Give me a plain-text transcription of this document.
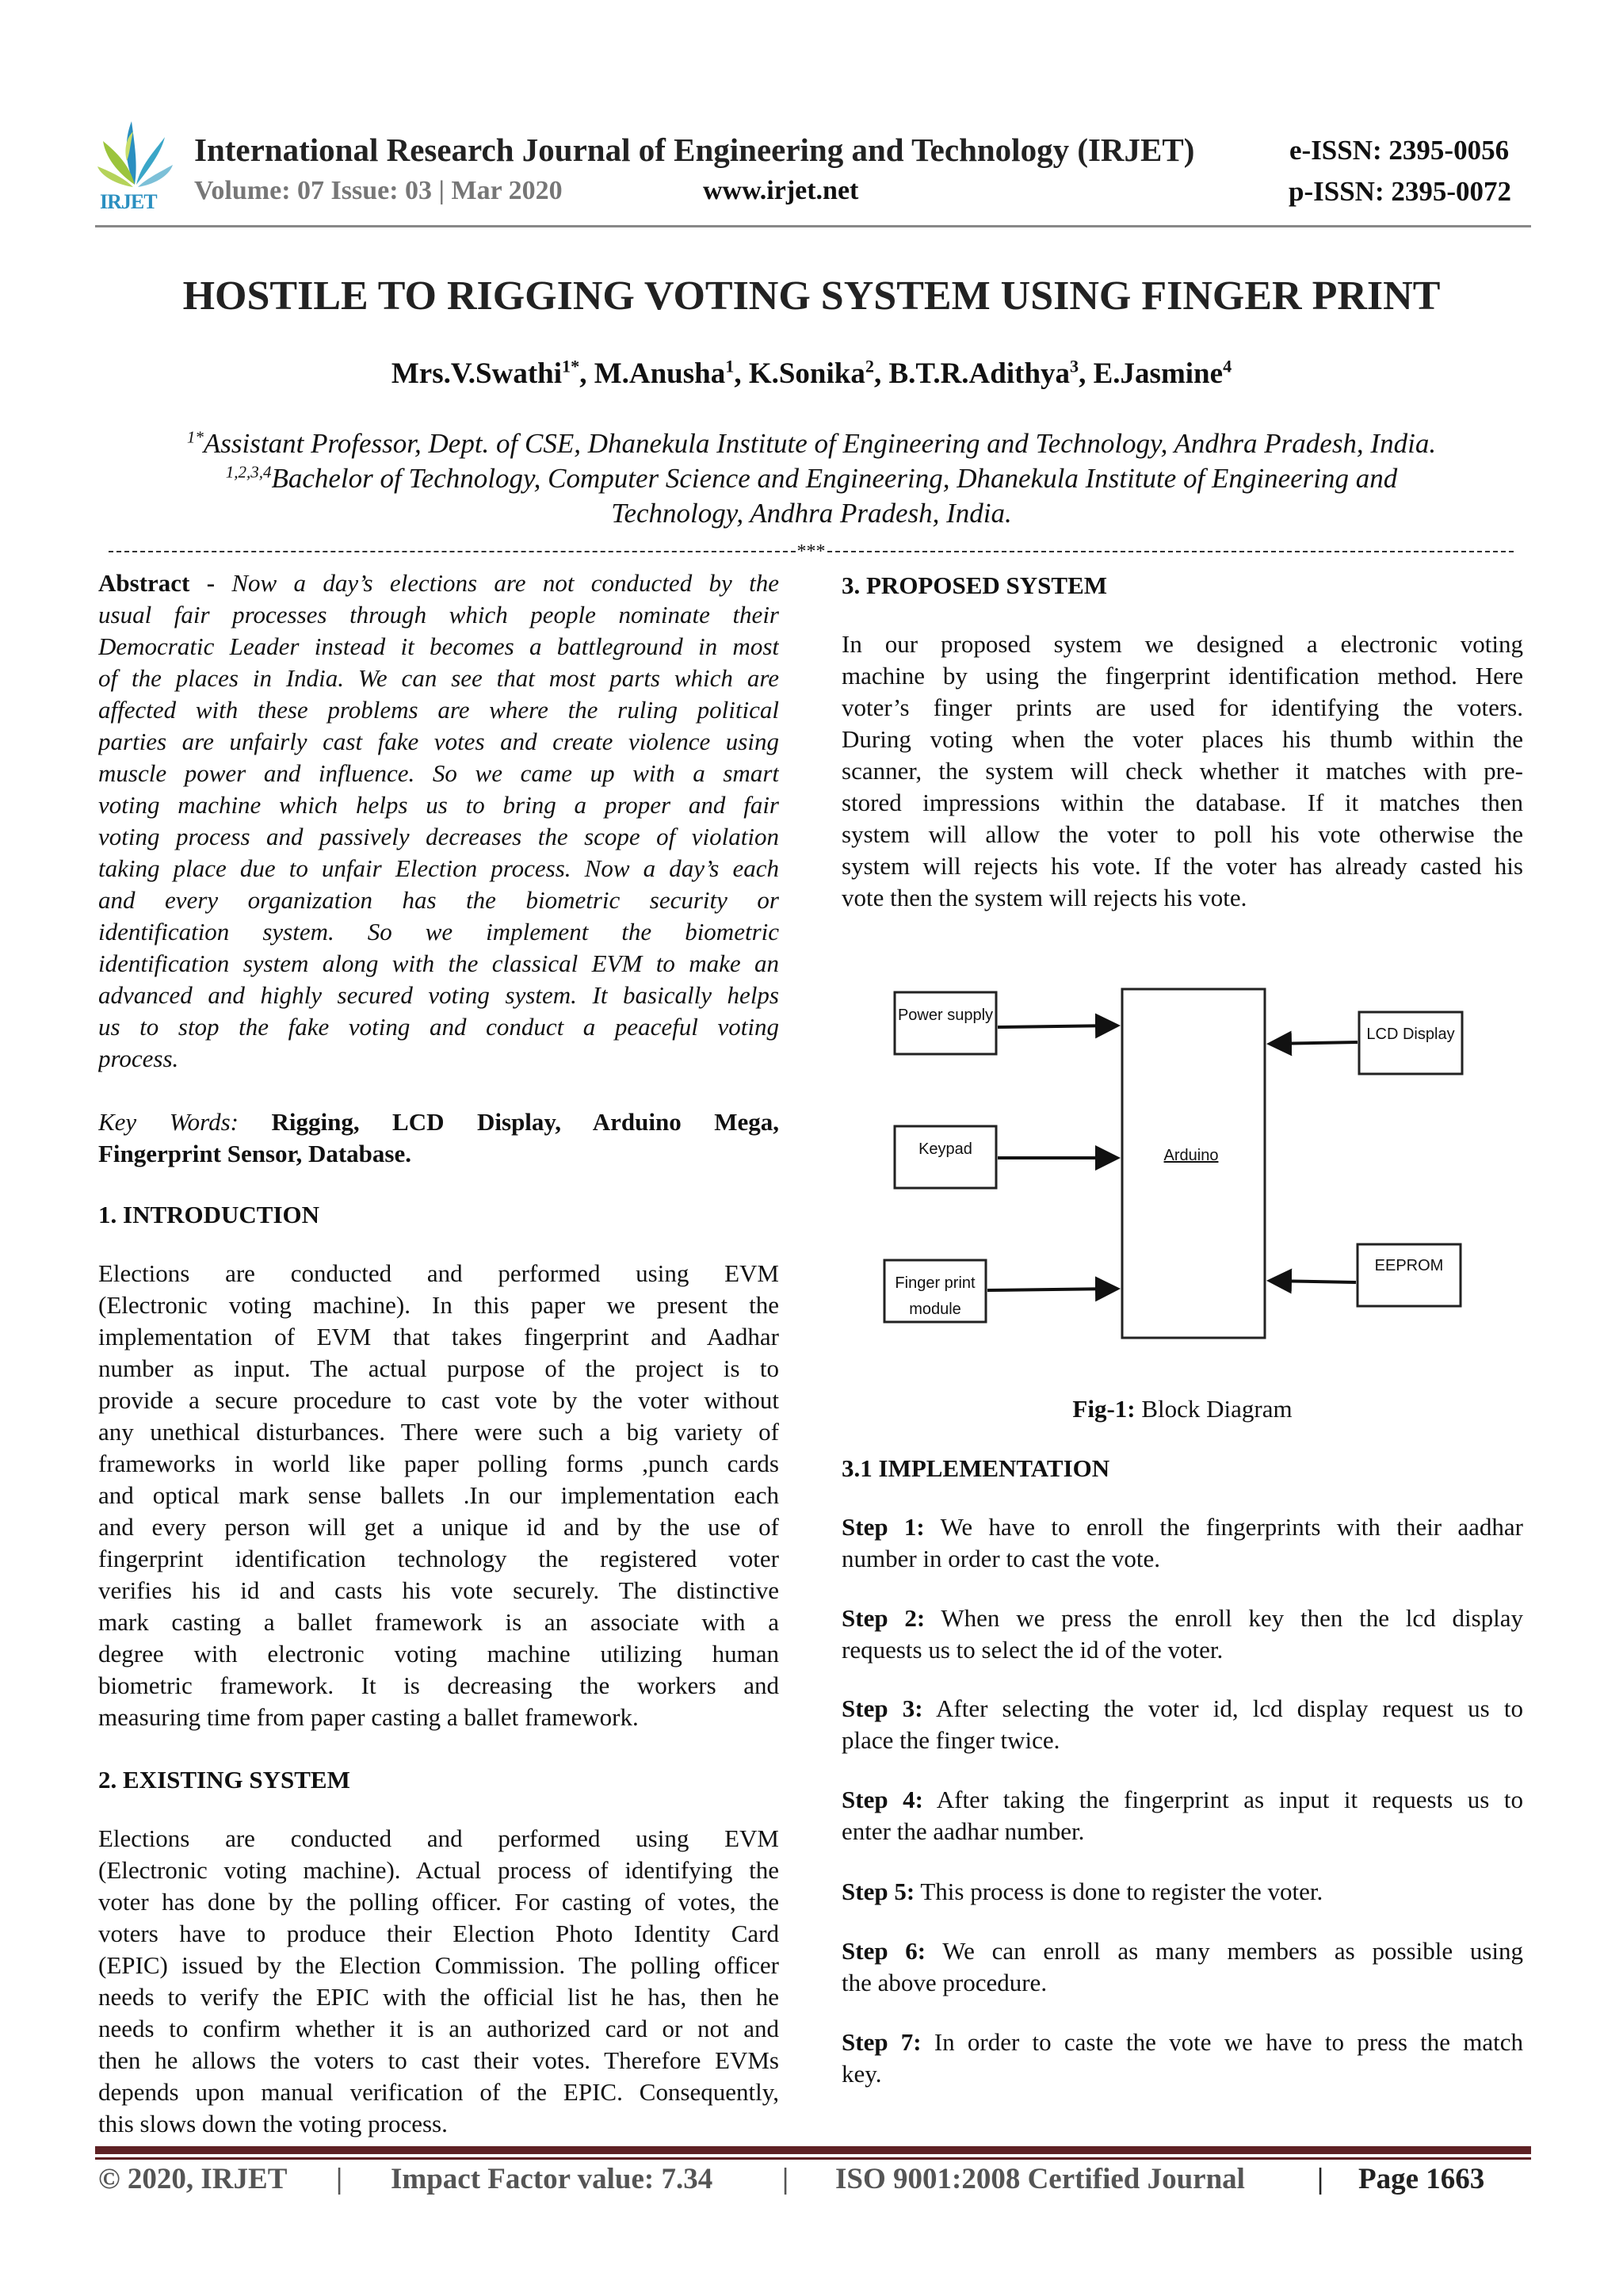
IRJET
International Research Journal of Engineering and Technology (IRJET)	e-ISSN: 2395-0056
Volume: 07 Issue: 03 | Mar 2020	www.irjet.net	p-ISSN: 2395-0072
HOSTILE TO RIGGING VOTING SYSTEM USING FINGER PRINT
Mrs.V.Swathi$^{1*}$, M.Anusha$^1$, K.Sonika$^2$, B.T.R.Adithya$^3$, E.Jasmine$^4$
$^{1*}$Assistant Professor, Dept. of CSE, Dhanekula Institute of Engineering and Technology, Andhra Pradesh, India.
$^{1,2,3,4}$Bachelor of Technology, Computer Science and Engineering, Dhanekula Institute of Engineering and
Technology, Andhra Pradesh, India.
***
Abstract - Now a day’s elections are not conducted by the
usual fair processes through which people nominate their
Democratic Leader instead it becomes a battleground in most
of the places in India. We can see that most parts which are
affected with these problems are where the ruling political
parties are unfairly cast fake votes and create violence using
muscle power and influence. So we came up with a smart
voting machine which helps us to bring a proper and fair
voting process and passively decreases the scope of violation
taking place due to unfair Election process. Now a day’s each
and every organization has the biometric security or
identification system. So we implement the biometric
identification system along with the classical EVM to make an
advanced and highly secured voting system. It basically helps
us to stop the fake voting and conduct a peaceful voting
process.
Key Words: Rigging, LCD Display, Arduino Mega,
Fingerprint Sensor, Database.
1. INTRODUCTION
Elections are conducted and performed using EVM
(Electronic voting machine). In this paper we present the
implementation of EVM that takes fingerprint and Aadhar
number as input. The actual purpose of the project is to
provide a secure procedure to cast vote by the voter without
any unethical disturbances. There were such a big variety of
frameworks in world like paper polling forms ,punch cards
and optical mark sense ballets .In our implementation each
and every person will get a unique id and by the use of
fingerprint identification technology the registered voter
verifies his id and casts his vote securely. The distinctive
mark casting a ballet framework is an associate with a
degree with electronic voting machine utilizing human
biometric framework. It is decreasing the workers and
measuring time from paper casting a ballet framework.
2. EXISTING SYSTEM
Elections are conducted and performed using EVM
(Electronic voting machine). Actual process of identifying the
voter has done by the polling officer. For casting of votes, the
voters have to produce their Election Photo Identity Card
(EPIC) issued by the Election Commission. The polling officer
needs to verify the EPIC with the official list he has, then he
needs to confirm whether it is an authorized card or not and
then he allows the voters to cast their votes. Therefore EVMs
depends upon manual verification of the EPIC. Consequently,
this slows down the voting process.
3. PROPOSED SYSTEM
In our proposed system we designed a electronic voting
machine by using the fingerprint identification method. Here
voter’s finger prints are used for identifying the voters.
During voting when the voter places his thumb within the
scanner, the system will check whether it matches with pre-
stored impressions within the database. If it matches then
system will allow the voter to poll his vote otherwise the
system will rejects his vote. If the voter has already casted his
vote then the system will rejects his vote.
Power supply
Keypad
Finger print
module
Arduino
LCD Display
EEPROM
Fig-1: Block Diagram
3.1 IMPLEMENTATION
Step 1: We have to enroll the fingerprints with their aadhar
number in order to cast the vote.
Step 2: When we press the enroll key then the lcd display
requests us to select the id of the voter.
Step 3: After selecting the voter id, lcd display request us to
place the finger twice.
Step 4: After taking the fingerprint as input it requests us to
enter the aadhar number.
Step 5: This process is done to register the voter.
Step 6: We can enroll as many members as possible using
the above procedure.
Step 7: In order to caste the vote we have to press the match
key.
© 2020, IRJET | Impact Factor value: 7.34 | ISO 9001:2008 Certified Journal | Page 1663
